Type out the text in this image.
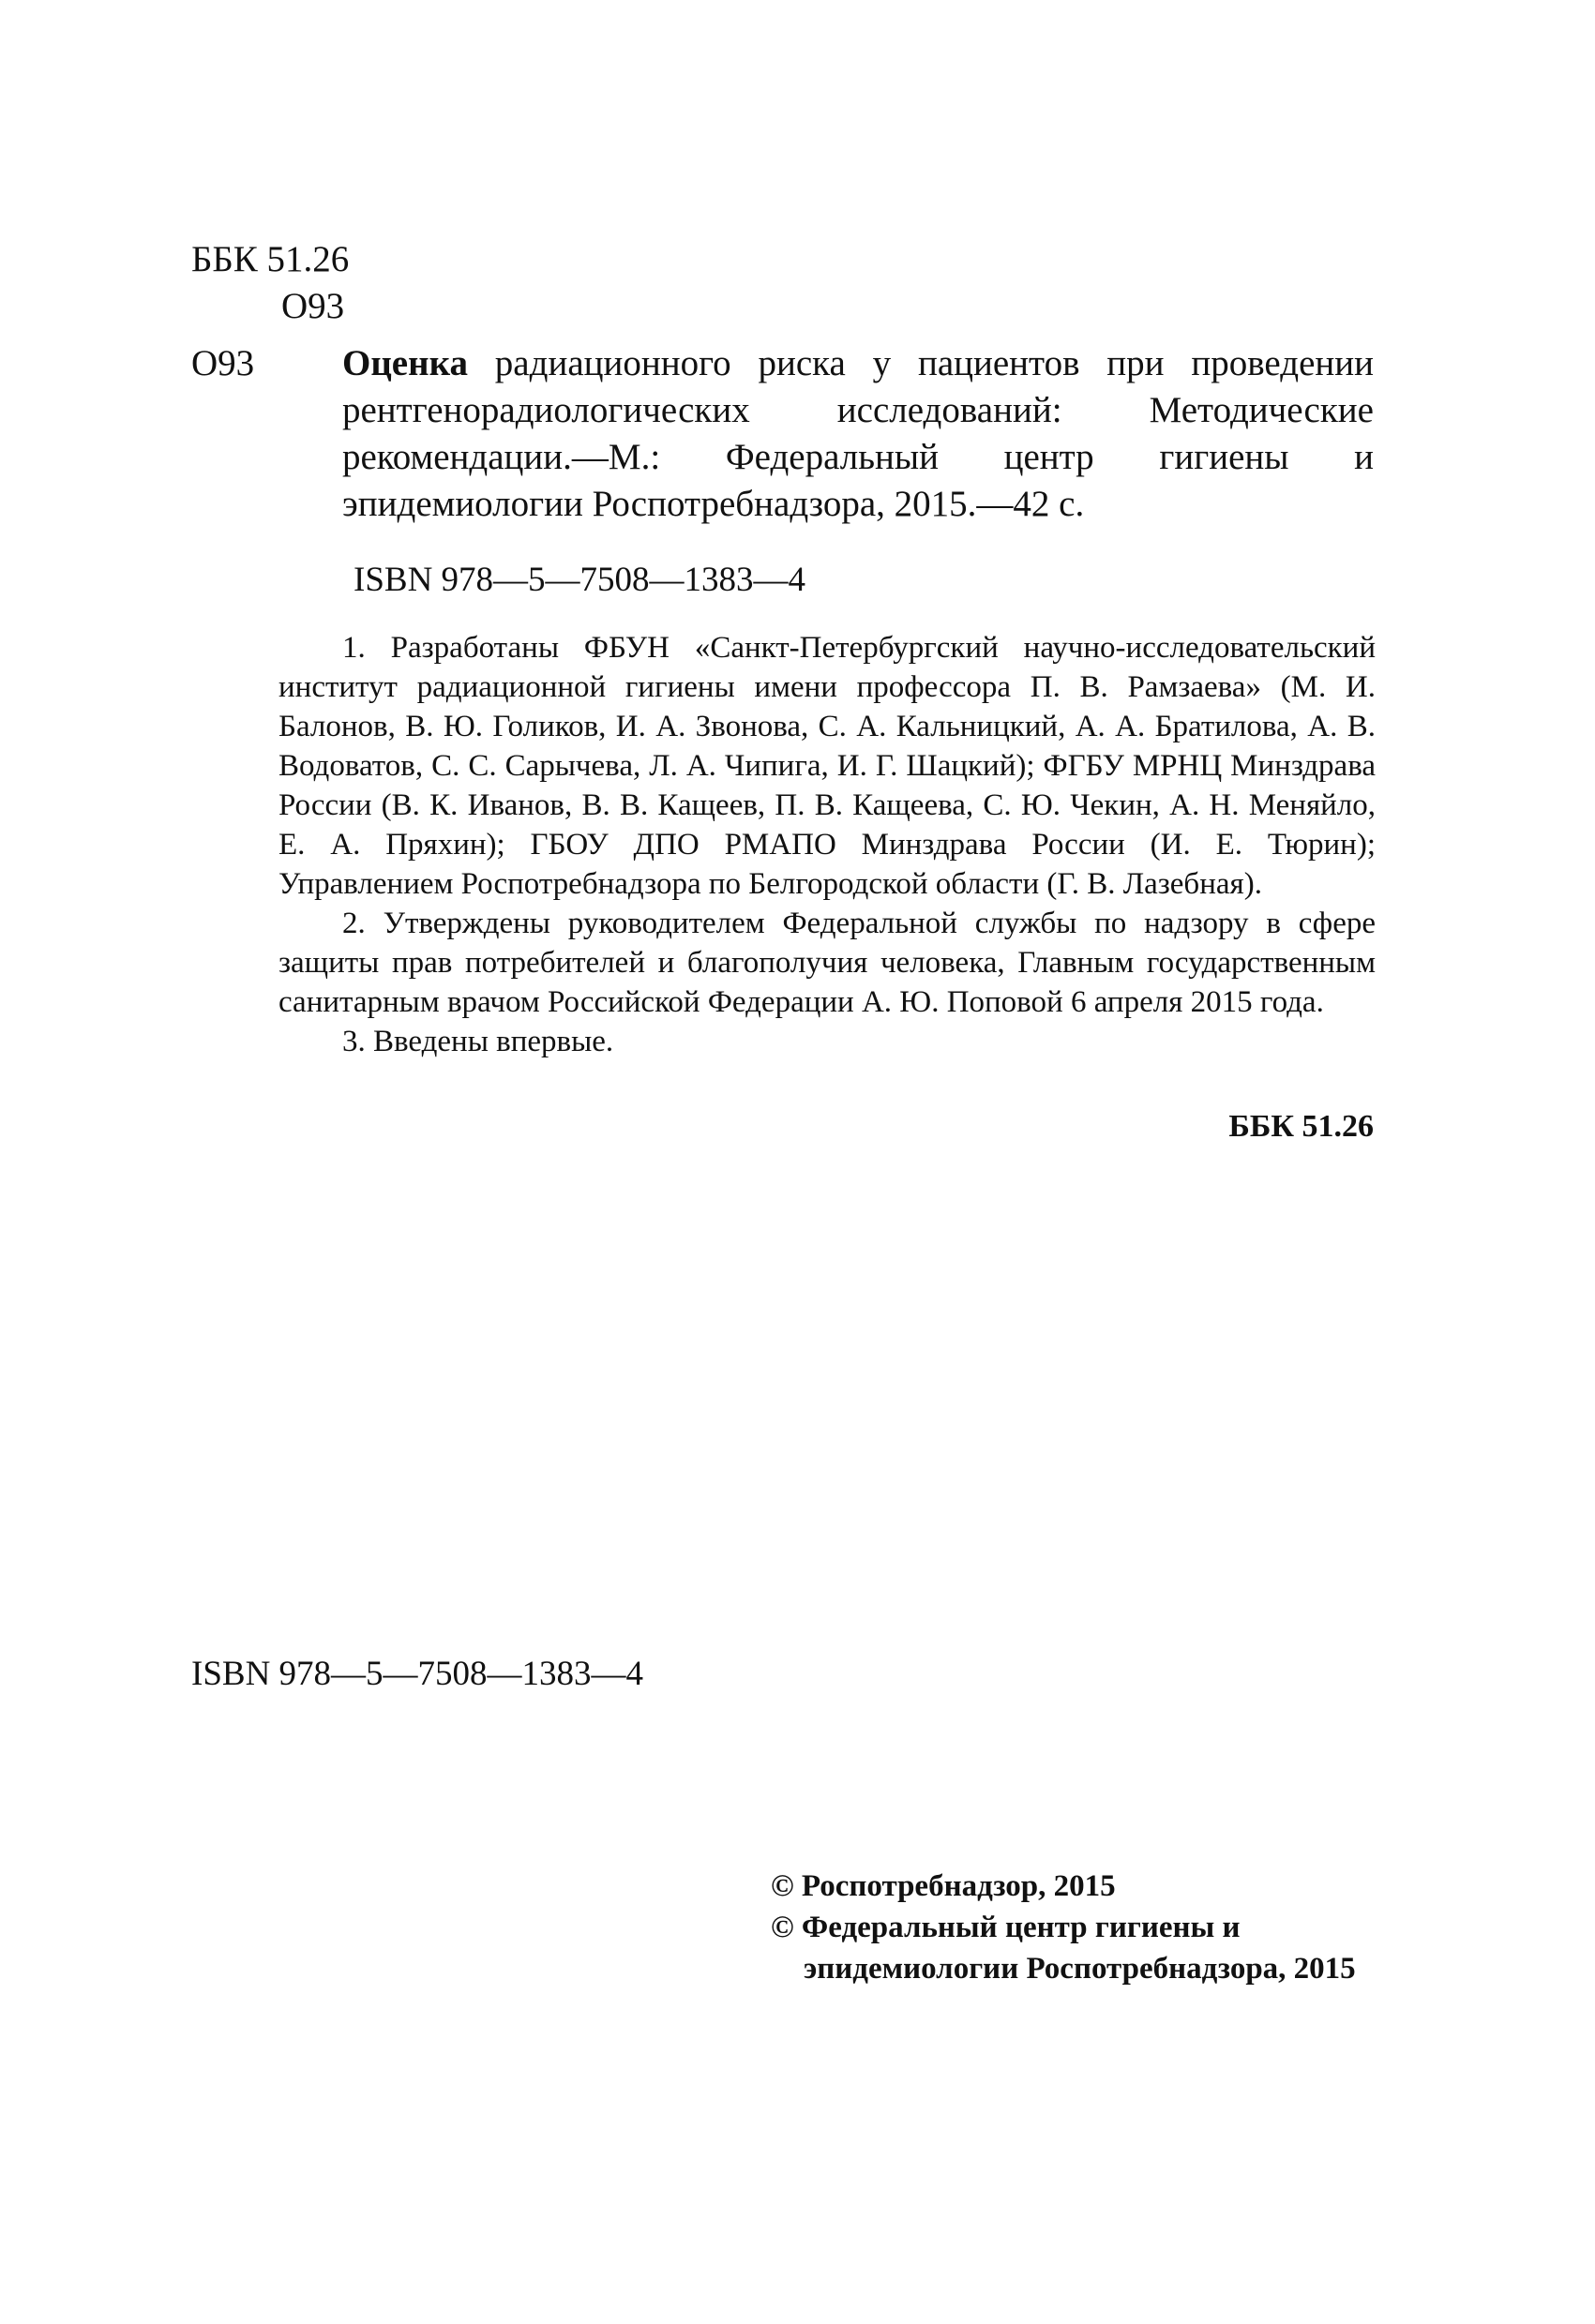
ББК 51.26
О93
О93 Оценка радиационного риска у пациентов при проведении рентгенорадиологических исследований: Методические рекомендации.—М.: Федеральный центр гигиены и эпидемиологии Роспотребнадзора, 2015.—42 с.
ISBN 978—5—7508—1383—4

1. Разработаны ФБУН «Санкт-Петербургский научно-исследовательский институт радиационной гигиены имени профессора П. В. Рамзаева» (М. И. Балонов, В. Ю. Голиков, И. А. Звонова, С. А. Кальницкий, А. А. Братилова, А. В. Водоватов, С. С. Сарычева, Л. А. Чипига, И. Г. Шацкий); ФГБУ МРНЦ Минздрава России (В. К. Иванов, В. В. Кащеев, П. В. Кащеева, С. Ю. Чекин, А. Н. Меняйло, Е. А. Пряхин); ГБОУ ДПО РМАПО Минздрава России (И. Е. Тюрин); Управлением Роспотребнадзора по Белгородской области (Г. В. Лазебная).

2. Утверждены руководителем Федеральной службы по надзору в сфере защиты прав потребителей и благополучия человека, Главным государственным санитарным врачом Российской Федерации А. Ю. Поповой 6 апреля 2015 года.

3. Введены впервые.

ББК 51.26
ISBN 978—5—7508—1383—4
© Роспотребнадзор, 2015
© Федеральный центр гигиены и
эпидемиологии Роспотребнадзора, 2015
